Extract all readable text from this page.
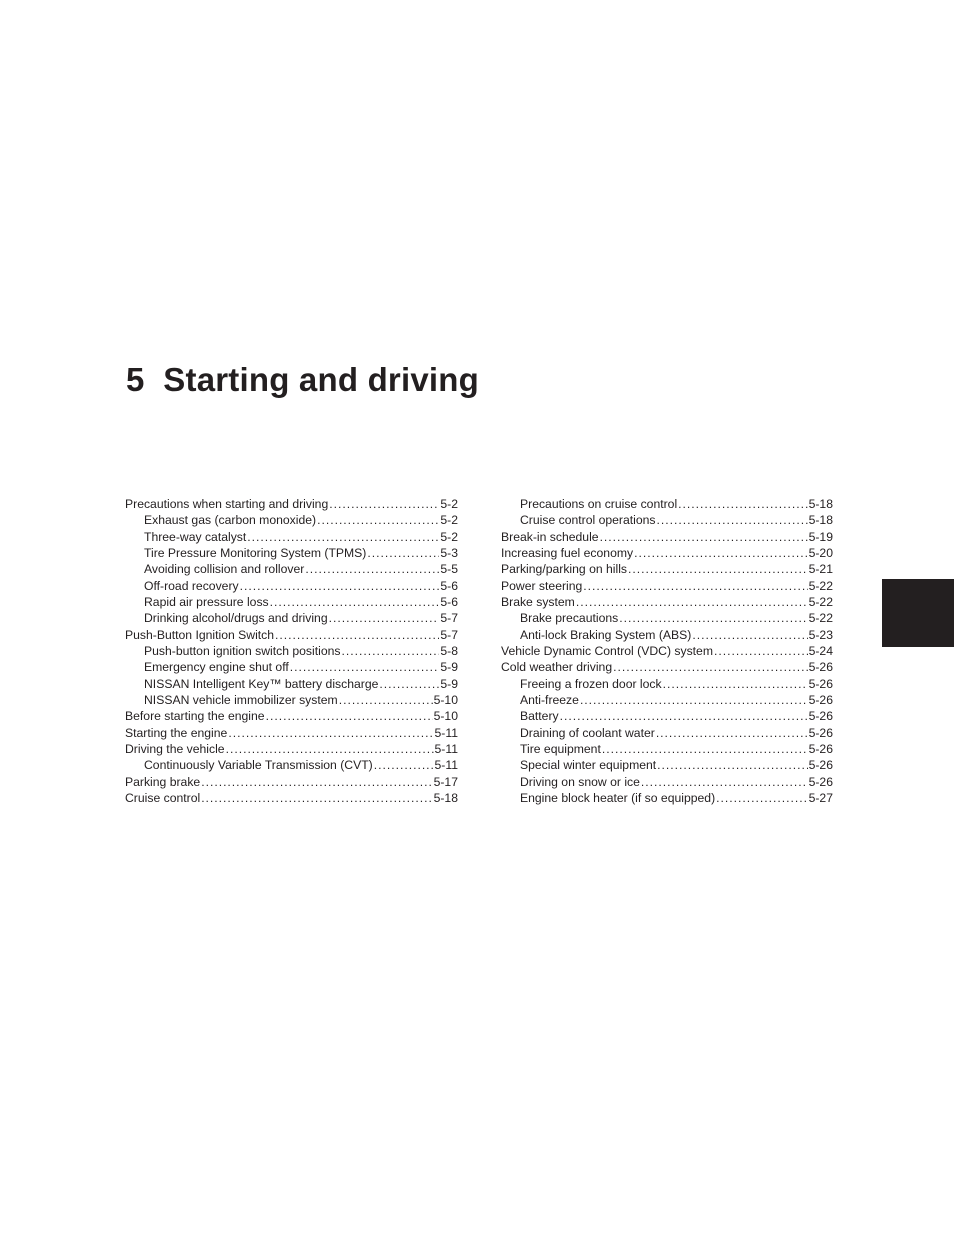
5  Starting and driving
Precautions when starting and driving . . .	5-2
Exhaust gas (carbon monoxide) . . .	5-2
Three-way catalyst . . .	5-2
Tire Pressure Monitoring System (TPMS) . . .	5-3
Avoiding collision and rollover . . .	5-5
Off-road recovery . . .	5-6
Rapid air pressure loss . . .	5-6
Drinking alcohol/drugs and driving . . .	5-7
Push-Button Ignition Switch . . .	5-7
Push-button ignition switch positions . . .	5-8
Emergency engine shut off . . .	5-9
NISSAN Intelligent Key™ battery discharge . . .	5-9
NISSAN vehicle immobilizer system . . .	5-10
Before starting the engine . . .	5-10
Starting the engine . . .	5-11
Driving the vehicle . . .	5-11
Continuously Variable Transmission (CVT) . . .	5-11
Parking brake . . .	5-17
Cruise control . . .	5-18
Precautions on cruise control . . .	5-18
Cruise control operations . . .	5-18
Break-in schedule . . .	5-19
Increasing fuel economy . . .	5-20
Parking/parking on hills . . .	5-21
Power steering . . .	5-22
Brake system . . .	5-22
Brake precautions . . .	5-22
Anti-lock Braking System (ABS) . . .	5-23
Vehicle Dynamic Control (VDC) system . . .	5-24
Cold weather driving . . .	5-26
Freeing a frozen door lock . . .	5-26
Anti-freeze . . .	5-26
Battery . . .	5-26
Draining of coolant water . . .	5-26
Tire equipment . . .	5-26
Special winter equipment . . .	5-26
Driving on snow or ice . . .	5-26
Engine block heater (if so equipped) . . .	5-27
